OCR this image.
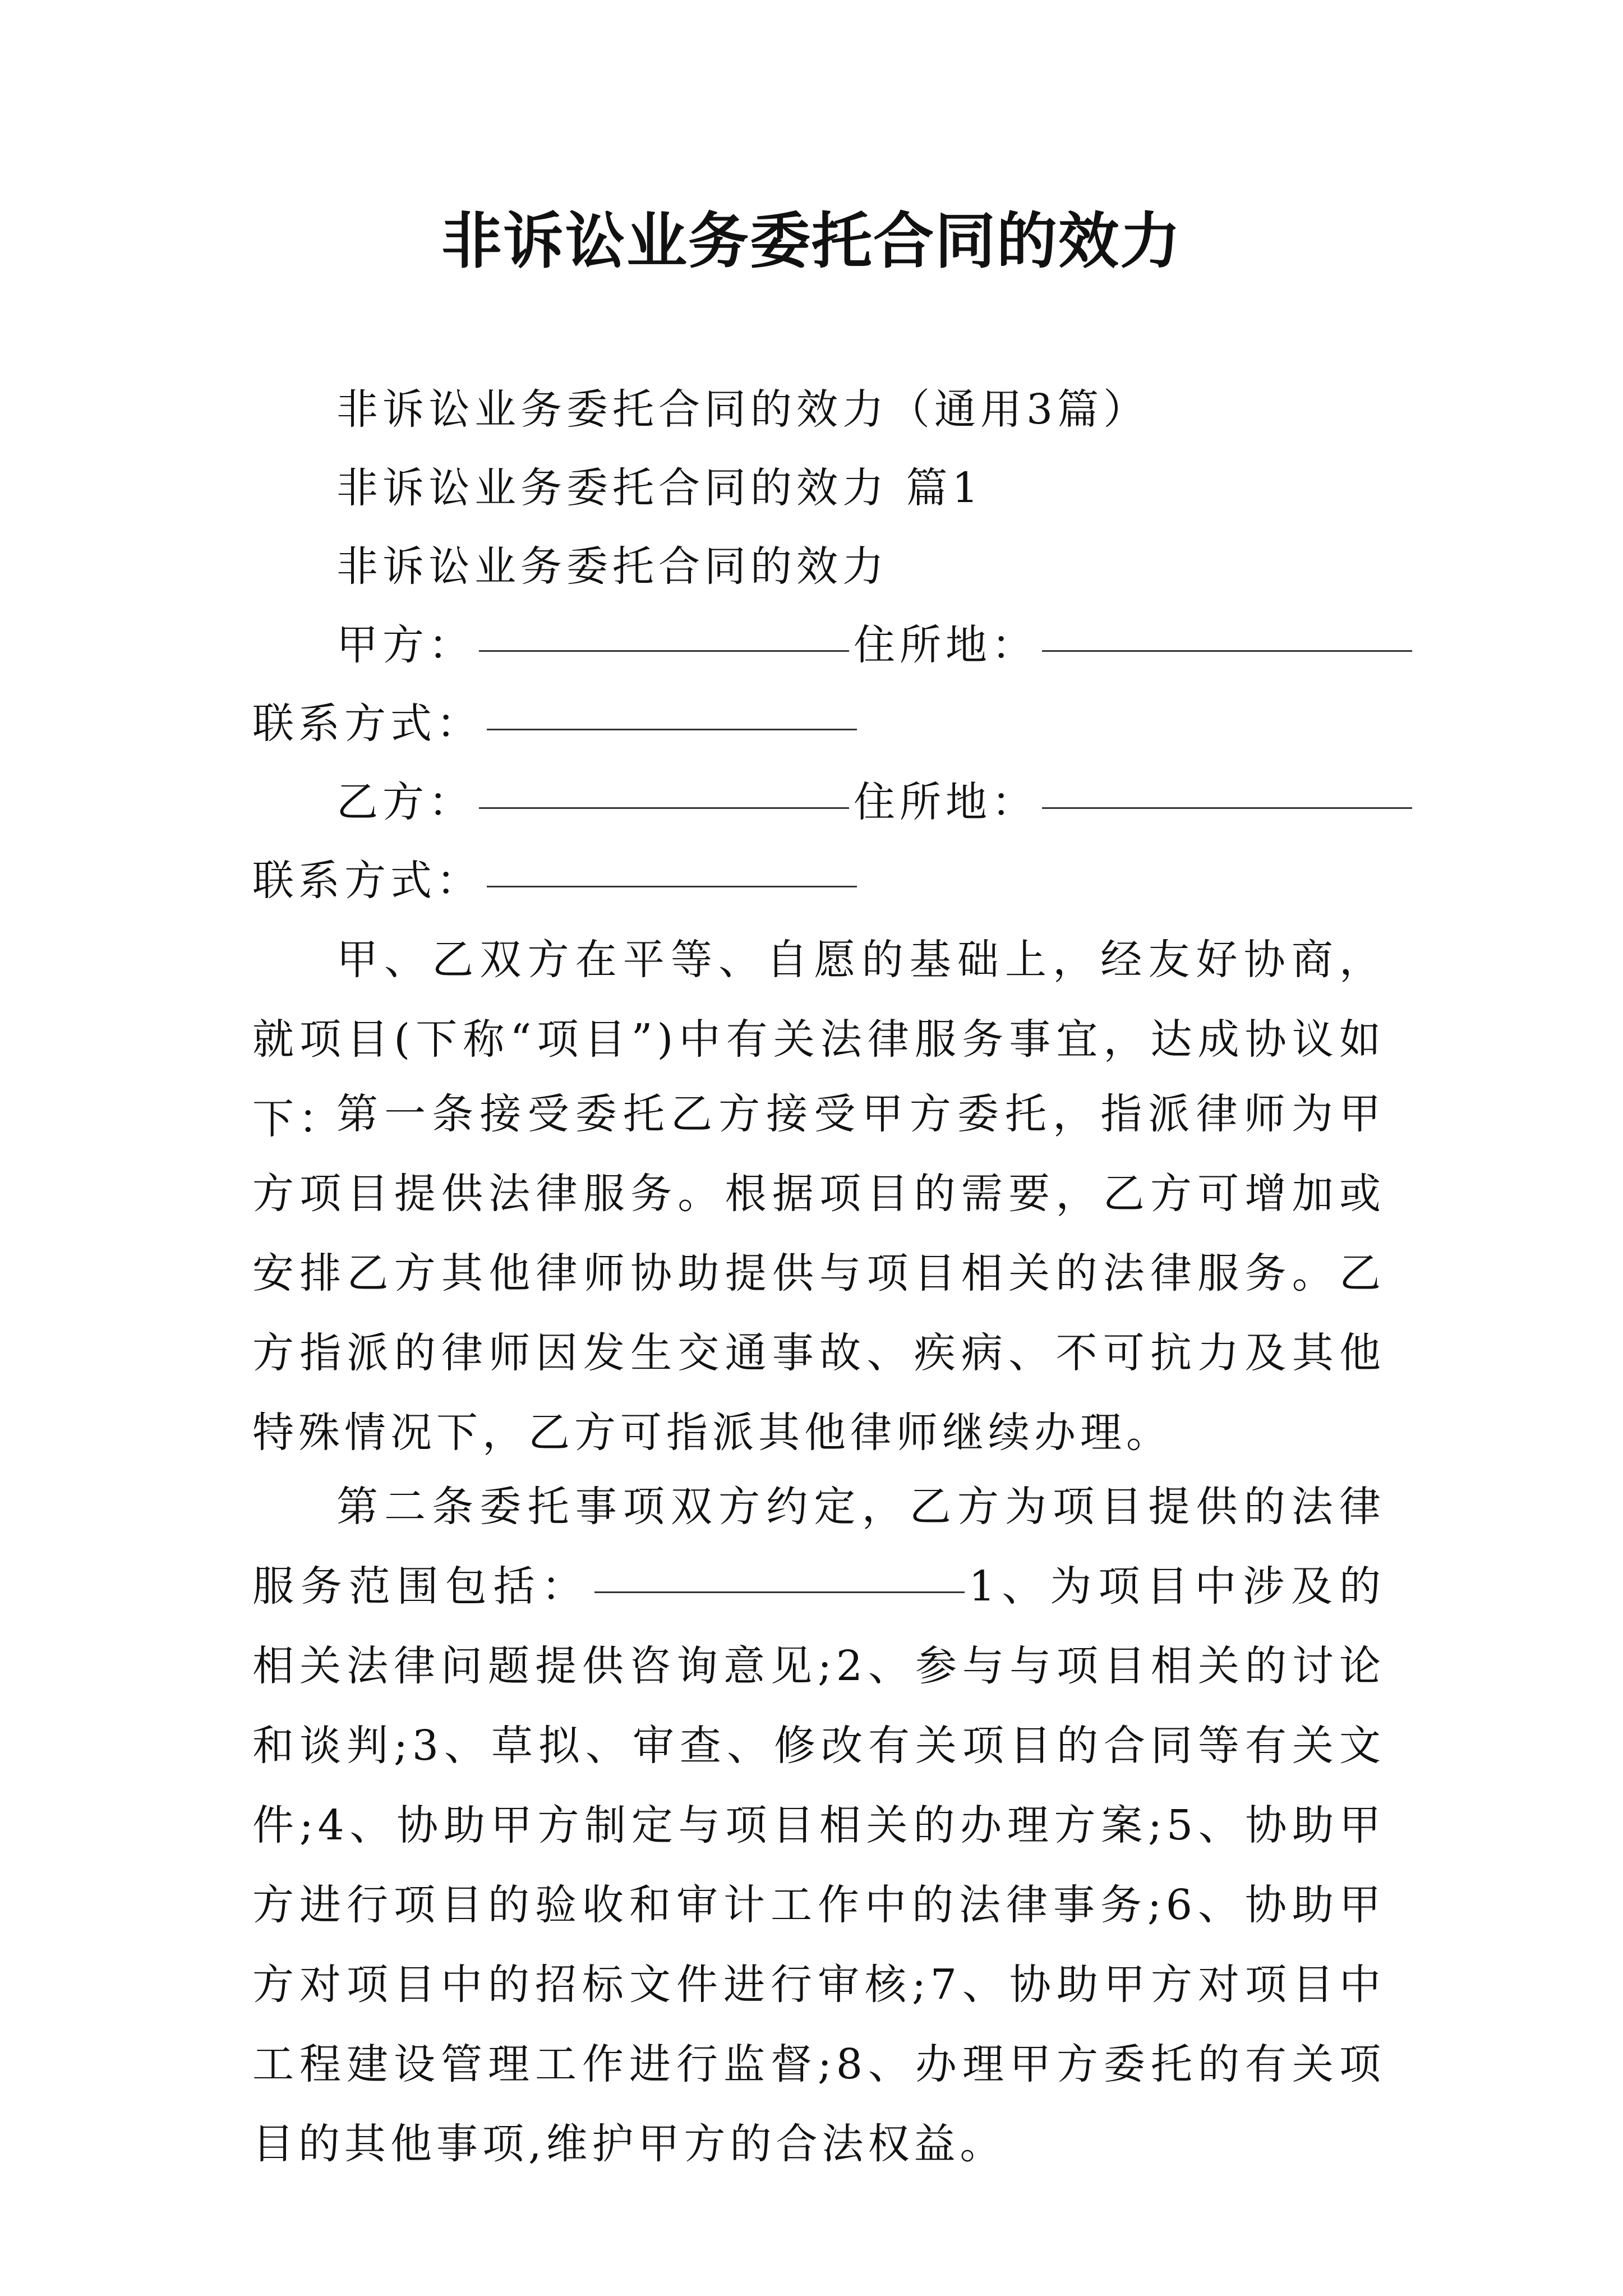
非诉讼业务委托合同的效力
非诉讼业务委托合同的效力（通用3篇）
非诉讼业务委托合同的效力 篇1
非诉讼业务委托合同的效力
甲方：	住所地：
联系方式：
乙方：	住所地：
联系方式：

甲、乙双方在平等、自愿的基础上，经友好协商，就项目(下称“项目”)中有关法律服务事宜，达成协议如下：

第一条接受委托乙方接受甲方委托，指派律师为甲方项目提供法律服务。根据项目的需要，乙方可增加或安排乙方其他律师协助提供与项目相关的法律服务。乙方指派的律师因发生交通事故、疾病、不可抗力及其他特殊情况下，乙方可指派其他律师继续办理。

第二条委托事项双方约定，乙方为项目提供的法律服务范围包括：	1、为项目中涉及的相关法律问题提供咨询意见;2、参与与项目相关的讨论和谈判;3、草拟、审查、修改有关项目的合同等有关文件;4、协助甲方制定与项目相关的办理方案;5、协助甲方进行项目的验收和审计工作中的法律事务;6、协助甲方对项目中的招标文件进行审核;7、协助甲方对项目中工程建设管理工作进行监督;8、办理甲方委托的有关项目的其他事项,维护甲方的合法权益。
